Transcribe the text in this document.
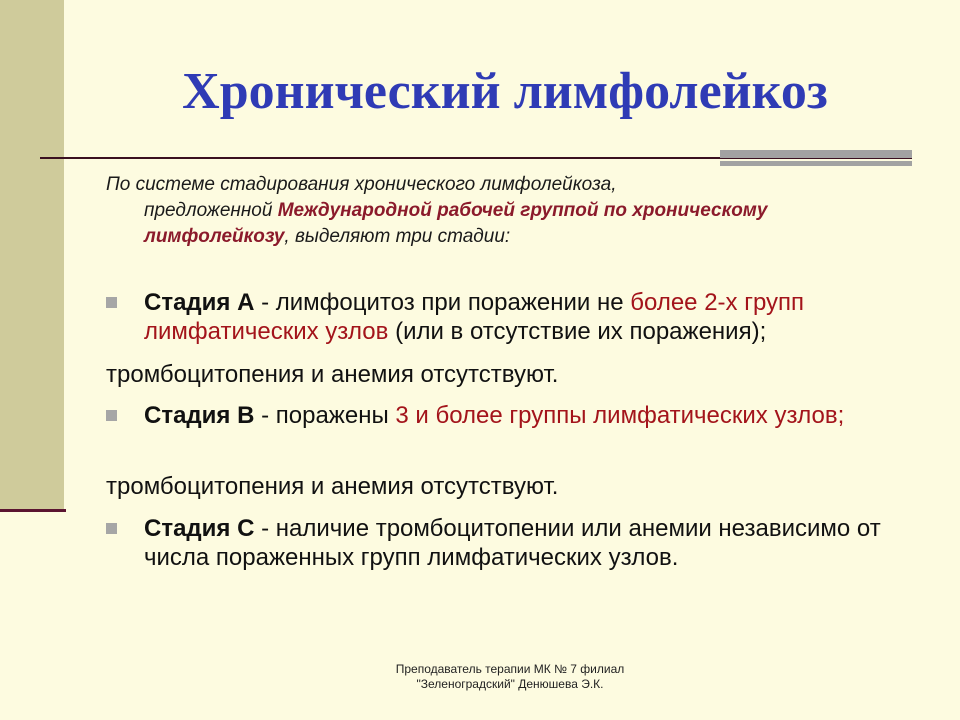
Хронический лимфолейкоз
По системе стадирования хронического лимфолейкоза,
предложенной Международной рабочей группой по хроническому лимфолейкозу, выделяют три стадии:
Стадия А - лимфоцитоз при поражении не более 2-х групп лимфатических узлов (или в отсутствие их поражения);
тромбоцитопения и анемия отсутствуют.
Стадия В - поражены 3 и более группы лимфатических узлов;
тромбоцитопения и анемия отсутствуют.
Стадия С - наличие тромбоцитопении или анемии независимо от числа пораженных групп лимфатических узлов.
Преподаватель терапии МК № 7 филиал
"Зеленоградский" Денюшева Э.К.
